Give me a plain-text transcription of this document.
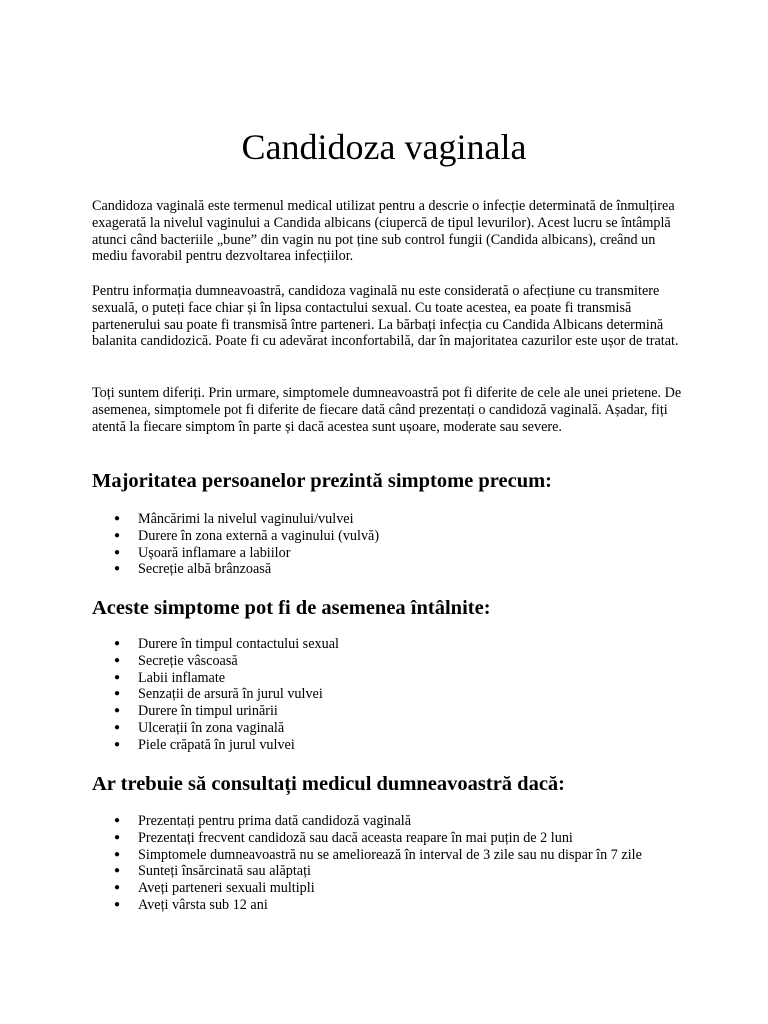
Candidoza vaginala

Candidoza vaginală este termenul medical utilizat pentru a descrie o infecție determinată de înmulțirea exagerată la nivelul vaginului a Candida albicans (ciupercă de tipul levurilor). Acest lucru se întâmplă atunci când bacteriile „bune” din vagin nu pot ține sub control fungii (Candida albicans), creând un mediu favorabil pentru dezvoltarea infecțiilor.

Pentru informația dumneavoastră, candidoza vaginală nu este considerată o afecțiune cu transmitere sexuală, o puteți face chiar și în lipsa contactului sexual. Cu toate acestea, ea poate fi transmisă partenerului sau poate fi transmisă între parteneri. La bărbați infecția cu Candida Albicans determină balanita candidozică. Poate fi cu adevărat inconfortabilă, dar în majoritatea cazurilor este ușor de tratat.

Toți suntem diferiți. Prin urmare, simptomele dumneavoastră pot fi diferite de cele ale unei prietene. De asemenea, simptomele pot fi diferite de fiecare dată când prezentați o candidoză vaginală. Așadar, fiți atentă la fiecare simptom în parte și dacă acestea sunt ușoare, moderate sau severe.

Majoritatea persoanelor prezintă simptome precum:
● Mâncărimi la nivelul vaginului/vulvei
● Durere în zona externă a vaginului (vulvă)
● Ușoară inflamare a labiilor
● Secreție albă brânzoasă
Aceste simptome pot fi de asemenea întâlnite:
● Durere în timpul contactului sexual
● Secreție vâscoasă
● Labii inflamate
● Senzații de arsură în jurul vulvei
● Durere în timpul urinării
● Ulcerații în zona vaginală
● Piele crăpată în jurul vulvei
Ar trebuie să consultați medicul dumneavoastră dacă:
● Prezentați pentru prima dată candidoză vaginală
● Prezentați frecvent candidoză sau dacă aceasta reapare în mai puțin de 2 luni
● Simptomele dumneavoastră nu se ameliorează în interval de 3 zile sau nu dispar în 7 zile
● Sunteți însărcinată sau alăptați
● Aveți parteneri sexuali multipli
● Aveți vârsta sub 12 ani
